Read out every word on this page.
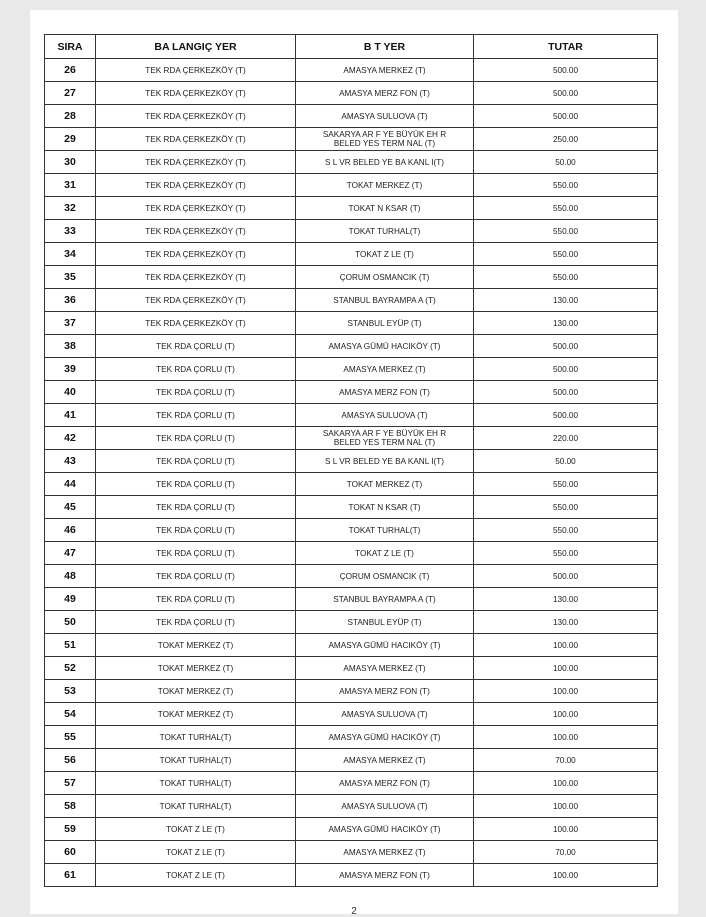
SIRA	BA LANGIÇ YER	B T YER	TUTAR
26	TEK RDA ÇERKEZKÖY (T)	AMASYA MERKEZ (T)	500.00
27	TEK RDA ÇERKEZKÖY (T)	AMASYA MERZ FON (T)	500.00
28	TEK RDA ÇERKEZKÖY (T)	AMASYA SULUOVA (T)	500.00
29	TEK RDA ÇERKEZKÖY (T)	SAKARYA AR F YE BÜYÜK EH R
BELED YES TERM NAL (T)	250.00
30	TEK RDA ÇERKEZKÖY (T)	S L VR BELED YE BA KANL I(T)	50.00
31	TEK RDA ÇERKEZKÖY (T)	TOKAT MERKEZ (T)	550.00
32	TEK RDA ÇERKEZKÖY (T)	TOKAT N KSAR (T)	550.00
33	TEK RDA ÇERKEZKÖY (T)	TOKAT TURHAL(T)	550.00
34	TEK RDA ÇERKEZKÖY (T)	TOKAT Z LE (T)	550.00
35	TEK RDA ÇERKEZKÖY (T)	ÇORUM OSMANCIK (T)	550.00
36	TEK RDA ÇERKEZKÖY (T)	STANBUL BAYRAMPA A (T)	130.00
37	TEK RDA ÇERKEZKÖY (T)	STANBUL EYÜP (T)	130.00
38	TEK RDA ÇORLU (T)	AMASYA GÜMÜ HACIKÖY (T)	500.00
39	TEK RDA ÇORLU (T)	AMASYA MERKEZ (T)	500.00
40	TEK RDA ÇORLU (T)	AMASYA MERZ FON (T)	500.00
41	TEK RDA ÇORLU (T)	AMASYA SULUOVA (T)	500.00
42	TEK RDA ÇORLU (T)	SAKARYA AR F YE BÜYÜK EH R
BELED YES TERM NAL (T)	220.00
43	TEK RDA ÇORLU (T)	S L VR BELED YE BA KANL I(T)	50.00
44	TEK RDA ÇORLU (T)	TOKAT MERKEZ (T)	550.00
45	TEK RDA ÇORLU (T)	TOKAT N KSAR (T)	550.00
46	TEK RDA ÇORLU (T)	TOKAT TURHAL(T)	550.00
47	TEK RDA ÇORLU (T)	TOKAT Z LE (T)	550.00
48	TEK RDA ÇORLU (T)	ÇORUM OSMANCIK (T)	500.00
49	TEK RDA ÇORLU (T)	STANBUL BAYRAMPA A (T)	130.00
50	TEK RDA ÇORLU (T)	STANBUL EYÜP (T)	130.00
51	TOKAT MERKEZ (T)	AMASYA GÜMÜ HACIKÖY (T)	100.00
52	TOKAT MERKEZ (T)	AMASYA MERKEZ (T)	100.00
53	TOKAT MERKEZ (T)	AMASYA MERZ FON (T)	100.00
54	TOKAT MERKEZ (T)	AMASYA SULUOVA (T)	100.00
55	TOKAT TURHAL(T)	AMASYA GÜMÜ HACIKÖY (T)	100.00
56	TOKAT TURHAL(T)	AMASYA MERKEZ (T)	70.00
57	TOKAT TURHAL(T)	AMASYA MERZ FON (T)	100.00
58	TOKAT TURHAL(T)	AMASYA SULUOVA (T)	100.00
59	TOKAT Z LE (T)	AMASYA GÜMÜ HACIKÖY (T)	100.00
60	TOKAT Z LE (T)	AMASYA MERKEZ (T)	70.00
61	TOKAT Z LE (T)	AMASYA MERZ FON (T)	100.00
2
